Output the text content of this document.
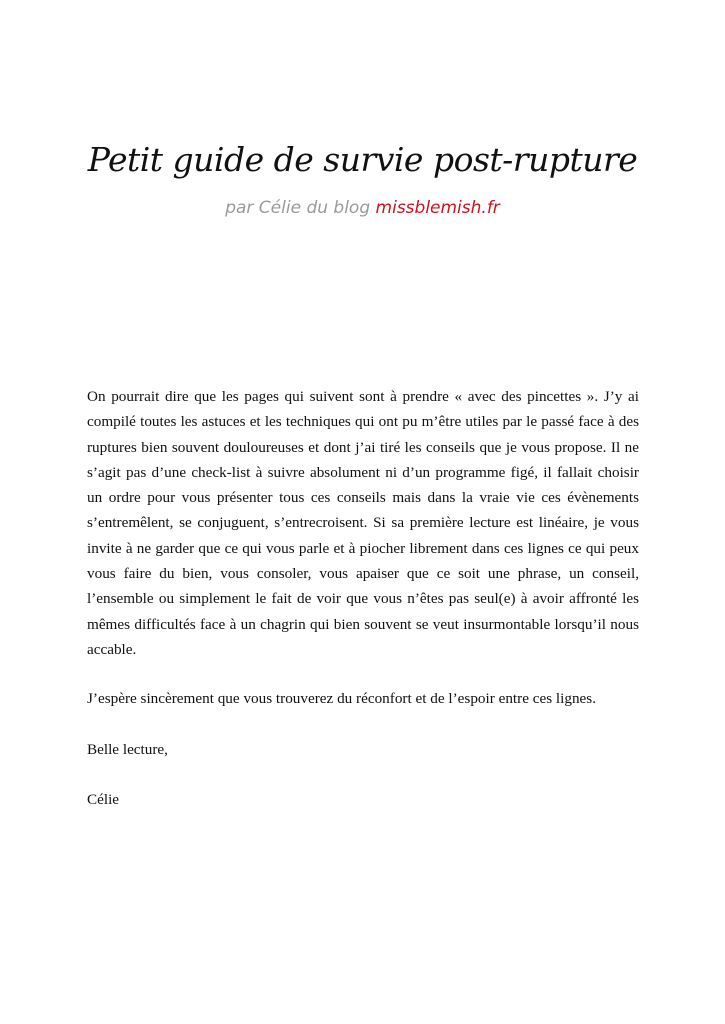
Petit guide de survie post-rupture
par Célie du blog missblemish.fr

On pourrait dire que les pages qui suivent sont à prendre « avec des pincettes ». J’y ai compilé toutes les astuces et les techniques qui ont pu m’être utiles par le passé face à des ruptures bien souvent douloureuses et dont j’ai tiré les conseils que je vous propose. Il ne s’agit pas d’une check-list à suivre absolument ni d’un programme figé, il fallait choisir un ordre pour vous présenter tous ces conseils mais dans la vraie vie ces évènements s’entremêlent, se conjuguent, s’entrecroisent. Si sa première lecture est linéaire, je vous invite à ne garder que ce qui vous parle et à piocher librement dans ces lignes ce qui peux vous faire du bien, vous consoler, vous apaiser que ce soit une phrase, un conseil, l’ensemble ou simplement le fait de voir que vous n’êtes pas seul(e) à avoir affronté les mêmes difficultés face à un chagrin qui bien souvent se veut insurmontable lorsqu’il nous accable.

J’espère sincèrement que vous trouverez du réconfort et de l’espoir entre ces lignes.

Belle lecture,

Célie
